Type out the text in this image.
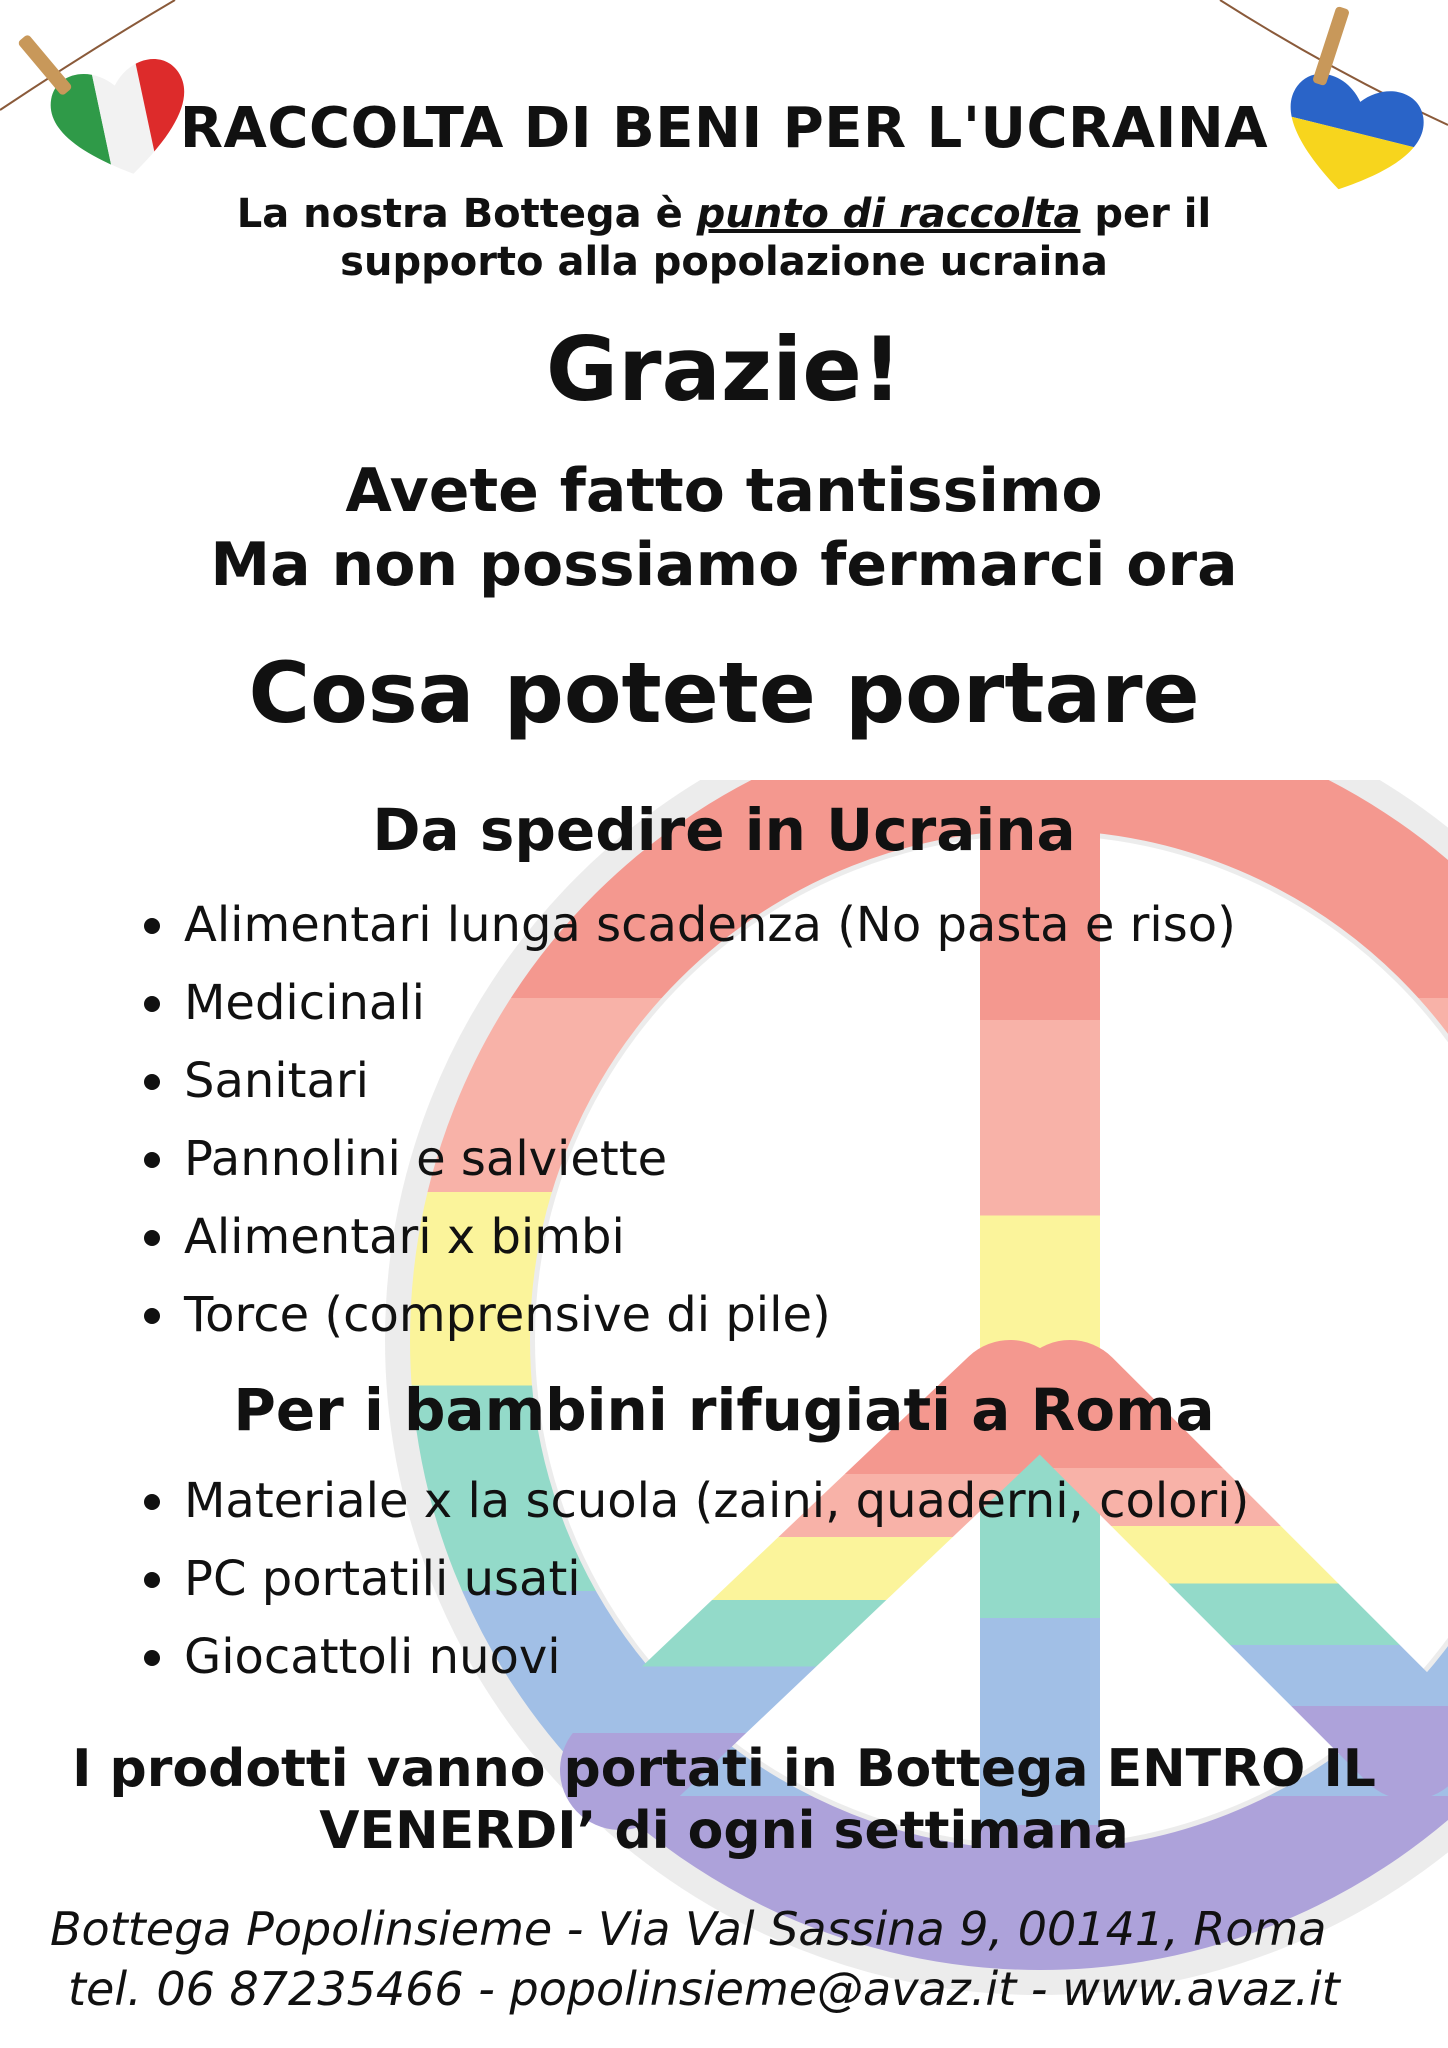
RACCOLTA DI BENI PER L'UCRAINA
La nostra Bottega è punto di raccolta per il
supporto alla popolazione ucraina
Grazie!
Avete fatto tantissimo
Ma non possiamo fermarci ora
Cosa potete portare
Da spedire in Ucraina
Alimentari lunga scadenza (No pasta e riso)
Medicinali
Sanitari
Pannolini e salviette
Alimentari x bimbi
Torce (comprensive di pile)
Per i bambini rifugiati a Roma
Materiale x la scuola (zaini, quaderni, colori)
PC portatili usati
Giocattoli nuovi
I prodotti vanno portati in Bottega ENTRO IL
VENERDI’ di ogni settimana
Bottega Popolinsieme - Via Val Sassina 9, 00141, Roma
tel. 06 87235466 - popolinsieme@avaz.it - www.avaz.it
